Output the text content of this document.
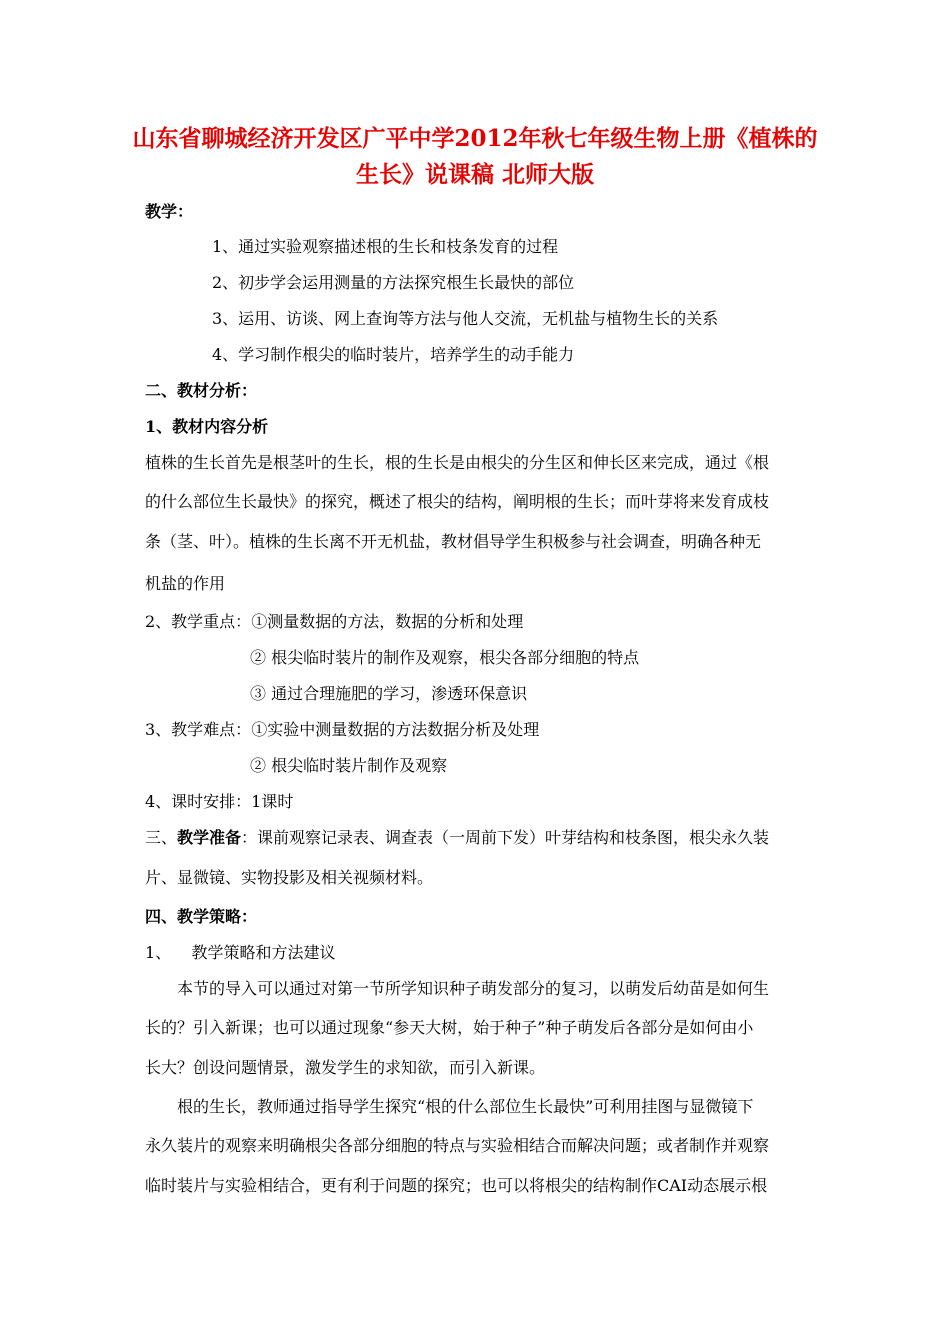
山东省聊城经济开发区广平中学2012年秋七年级生物上册《植株的
生长》说课稿 北师大版
教学：
1、通过实验观察描述根的生长和枝条发育的过程
2、初步学会运用测量的方法探究根生长最快的部位
3、运用、访谈、网上查询等方法与他人交流，无机盐与植物生长的关系
4、学习制作根尖的临时装片，培养学生的动手能力
二、教材分析：
1、教材内容分析
植株的生长首先是根茎叶的生长，根的生长是由根尖的分生区和伸长区来完成，通过《根
的什么部位生长最快》的探究，概述了根尖的结构，阐明根的生长；而叶芽将来发育成枝
条（茎、叶）。植株的生长离不开无机盐，教材倡导学生积极参与社会调查，明确各种无
机盐的作用
2、教学重点：①测量数据的方法，数据的分析和处理
② 根尖临时装片的制作及观察，根尖各部分细胞的特点
③ 通过合理施肥的学习，渗透环保意识
3、教学难点：①实验中测量数据的方法数据分析及处理
② 根尖临时装片制作及观察
4、课时安排：1课时
三、教学准备：课前观察记录表、调查表（一周前下发）叶芽结构和枝条图，根尖永久装
片、显微镜、实物投影及相关视频材料。
四、教学策略：
1、    教学策略和方法建议
本节的导入可以通过对第一节所学知识种子萌发部分的复习，以萌发后幼苗是如何生
长的？引入新课；也可以通过现象“参天大树，始于种子”种子萌发后各部分是如何由小
长大？创设问题情景，激发学生的求知欲，而引入新课。
根的生长，教师通过指导学生探究“根的什么部位生长最快”可利用挂图与显微镜下
永久装片的观察来明确根尖各部分细胞的特点与实验相结合而解决问题；或者制作并观察
临时装片与实验相结合，更有利于问题的探究；也可以将根尖的结构制作CAI动态展示根
